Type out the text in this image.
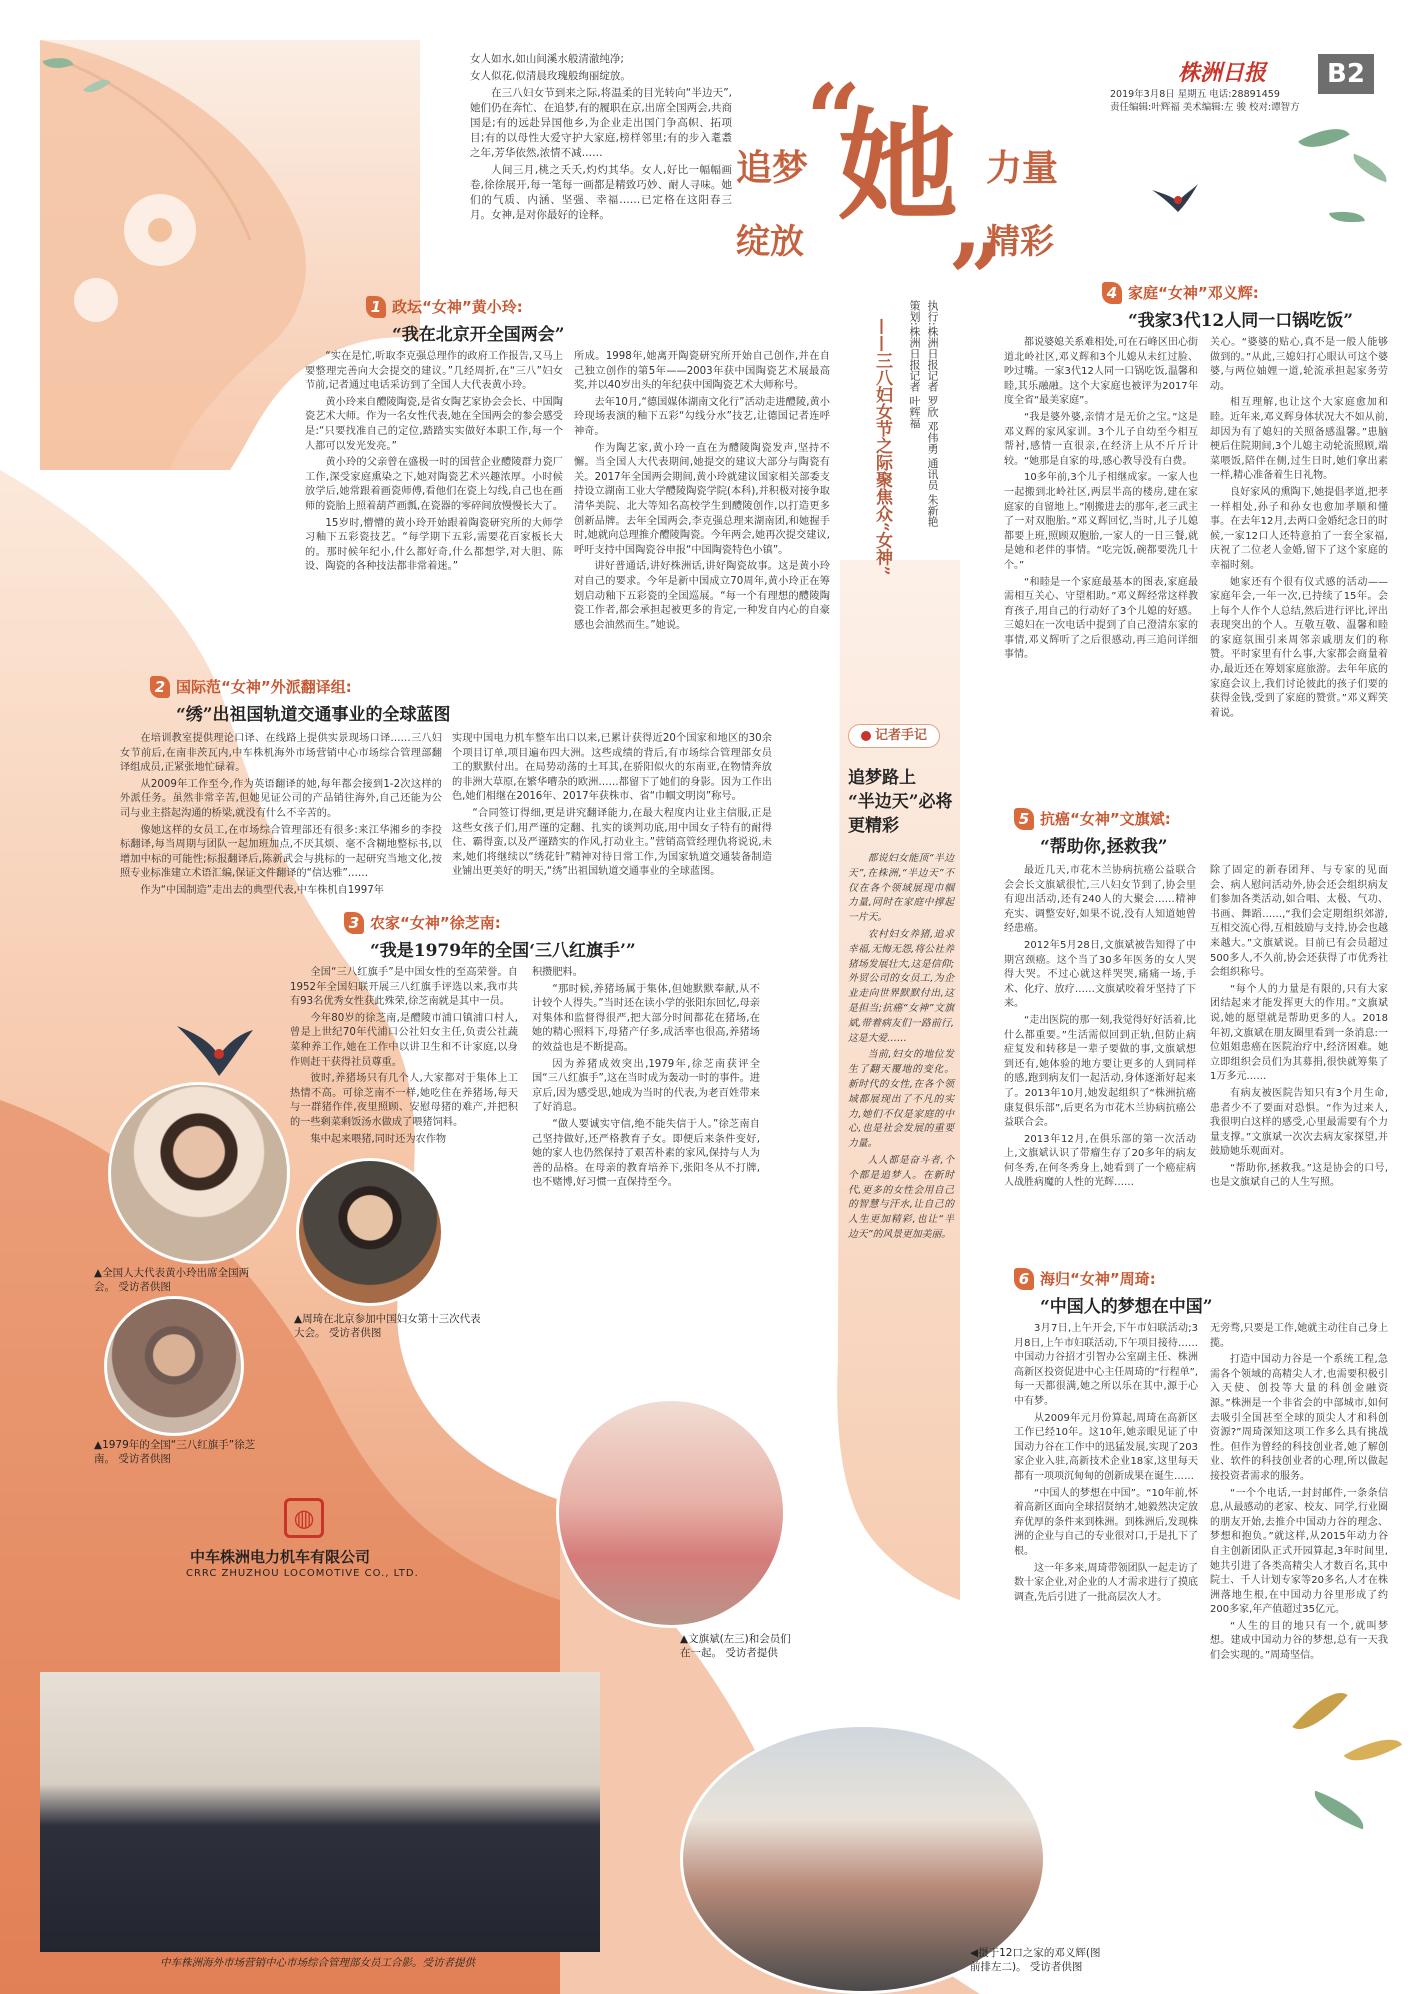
株洲日报	B2
2019年3月8日 星期五 电话:28891459
责任编辑:叶辉福 美术编辑:左 骏 校对:谭智方
追梦
“
她
”
力量
绽放	精彩
——三八妇女节之际聚焦众“女神”	执行:株洲日报记者 罗欣 邓伟勇 通讯员 朱新艳
策划:株洲日报记者 叶辉福

女人如水,如山间溪水般清澈纯净;

女人似花,似清晨玫瑰般绚丽绽放。

在三八妇女节到来之际,将温柔的目光转向“半边天”,她们仍在奔忙、在追梦,有的履职在京,出席全国两会,共商国是;有的远赴异国他乡,为企业走出国门争高帜、拓项目;有的以母性大爱守护大家庭,榜样邻里;有的步入耄耋之年,芳华依然,浓情不减……

人间三月,桃之夭夭,灼灼其华。女人,好比一幅幅画卷,徐徐展开,每一笔每一画都是精致巧妙、耐人寻味。她们的气质、内涵、坚强、幸福……已定格在这阳春三月。女神,是对你最好的诠释。

1 政坛“女神”黄小玲:
“我在北京开全国两会”

“实在是忙,听取李克强总理作的政府工作报告,又马上要整理完善向大会提交的建议。”几经周折,在“三八”妇女节前,记者通过电话采访到了全国人大代表黄小玲。

黄小玲来自醴陵陶瓷,是省女陶艺家协会会长、中国陶瓷艺术大师。作为一名女性代表,她在全国两会的参会感受是:“只要找准自己的定位,踏踏实实做好本职工作,每一个人都可以发光发亮。”

黄小玲的父亲曾在盛极一时的国营企业醴陵群力瓷厂工作,深受家庭熏染之下,她对陶瓷艺术兴趣浓厚。小时候放学后,她常跟着画瓷师傅,看他们在瓷上勾线,自己也在画师的瓷胎上照着葫芦画瓢,在瓷器的零碎间放慢慢长大了。

15岁时,懵懵的黄小玲开始跟着陶瓷研究所的大师学习釉下五彩瓷技艺。“每学期下五彩,需要花百家板长大的。那时候年纪小,什么都好奇,什么都想学,对大胆、陈设、陶瓷的各种技法都非常着迷。”

所成。1998年,她离开陶瓷研究所开始自己创作,并在自己独立创作的第5年——2003年获中国陶瓷艺术展最高奖,并以40岁出头的年纪获中国陶瓷艺术大师称号。

去年10月,“德国媒体湖南文化行”活动走进醴陵,黄小玲现场表演的釉下五彩“勾线分水”技艺,让德国记者连呼神奇。

作为陶艺家,黄小玲一直在为醴陵陶瓷发声,坚持不懈。当全国人大代表期间,她提交的建议大部分与陶瓷有关。2017年全国两会期间,黄小玲就建议国家相关部委支持设立湖南工业大学醴陵陶瓷学院(本科),并积极对接争取清华美院、北大等知名高校学生到醴陵创作,以打造更多创新品牌。去年全国两会,李克强总理来湖南团,和她握手时,她就向总理推介醴陵陶瓷。今年两会,她再次提交建议,呼吁支持中国陶瓷谷申报“中国陶瓷特色小镇”。

讲好普通话,讲好株洲话,讲好陶瓷故事。这是黄小玲对自己的要求。今年是新中国成立70周年,黄小玲正在筹划启动釉下五彩瓷的全国巡展。“每一个有理想的醴陵陶瓷工作者,都会承担起被更多的肯定,一种发自内心的自豪感也会油然而生。”她说。

2 国际范“女神”外派翻译组:
“绣”出祖国轨道交通事业的全球蓝图

在培训教室提供理论口译、在线路上提供实景现场口译……三八妇女节前后,在南非茨瓦内,中车株机海外市场营销中心市场综合管理部翻译组成员,正紧张地忙碌着。

从2009年工作至今,作为英语翻译的她,每年都会接到1-2次这样的外派任务。虽然非常辛苦,但她见证公司的产品销往海外,自己还能为公司与业主搭起沟通的桥梁,就没有什么不辛苦的。

像她这样的女员工,在市场综合管理部还有很多:来江华湘乡的李投标翻译,每当周期与团队一起加班加点,不厌其烦、毫不含糊地整标书,以增加中标的可能性;标报翻译后,陈新武会与挑标的一起研究当地文化,按照专业标准建立术语汇编,保证文件翻译的“信达雅”……

作为“中国制造”走出去的典型代表,中车株机自1997年

实现中国电力机车整车出口以来,已累计获得近20个国家和地区的30余个项目订单,项目遍布四大洲。这些成绩的背后,有市场综合管理部女员工的默默付出。在局势动荡的土耳其,在骄阳似火的东南亚,在物情奔放的非洲大草原,在繁华嘈杂的欧洲……都留下了她们的身影。因为工作出色,她们相继在2016年、2017年获株市、省“巾帼文明岗”称号。

“合同签订得细,更是讲究翻译能力,在最大程度内让业主信服,正是这些女孩子们,用严谨的定翻、扎实的谈判功底,用中国女子特有的耐得住、霸得蛮,以及严谨踏实的作风,打动业主。”营销高管经理仇将说说,未来,她们将继续以“绣花针”精神对待日常工作,为国家轨道交通装备制造业铺出更美好的明天,“绣”出祖国轨道交通事业的全球蓝图。

3 农家“女神”徐芝南:
“我是1979年的全国‘三八红旗手’”

全国“三八红旗手”是中国女性的至高荣誉。自1952年全国妇联开展三八红旗手评选以来,我市共有93名优秀女性获此殊荣,徐芝南就是其中一员。

今年80岁的徐芝南,是醴陵市浦口镇浦口村人,曾是上世纪70年代浦口公社妇女主任,负责公社蔬菜种养工作,她在工作中以讲卫生和不计家庭,以身作则赶干获得社员尊重。

彼时,养猪场只有几个人,大家都对于集体上工热情不高。可徐芝南不一样,她吃住在养猪场,每天与一群猪作伴,夜里照顾、安慰母猪的难产,并把积的一些剩菜剩饭汤水做成了喂猪饲料。

集中起来喂猪,同时还为农作物

积攒肥料。

“那时候,养猪场属于集体,但她默默奉献,从不计较个人得失。”当时还在读小学的张阳东回忆,母亲对集体和监督得很严,把大部分时间都花在猪场,在她的精心照料下,母猪产仔多,成活率也很高,养猪场的效益也是不断提高。

因为养猪成效突出,1979年,徐芝南获评全国“三八红旗手”,这在当时成为轰动一时的事件。进京后,因为感受思,她成为当时的代表,为老百姓带来了好消息。

“做人要诚实守信,绝不能失信于人。”徐芝南自己坚持做好,还严格教育子女。即便后来条件变好,她的家人也仍然保持了艰苦朴素的家风,保持与人为善的品格。在母亲的教育培养下,张阳冬从不打牌,也不赌博,好习惯一直保持至今。

记者手记
追梦路上
“半边天”必将
更精彩

都说妇女能顶“半边天”,在株洲,“半边天”不仅在各个领域展现巾帼力量,同时在家庭中撑起一片天。

农村妇女养猪,追求幸福,无悔无怨,将公社养猪场发展壮大,这是信仰;外贸公司的女员工,为企业走向世界默默付出,这是担当;抗癌“女神”文旗斌,带着病友们一路前行,这是大爱……

当前,妇女的地位发生了翻天覆地的变化。新时代的女性,在各个领域都展现出了不凡的实力,她们不仅是家庭的中心,也是社会发展的重要力量。

人人都是奋斗者,个个都是追梦人。在新时代,更多的女性会用自己的智慧与汗水,让自己的人生更加精彩,也让“半边天”的风景更加美丽。

4 家庭“女神”邓义辉:
“我家3代12人同一口锅吃饭”

都说婆媳关系难相处,可在石峰区田心街道北岭社区,邓义辉和3个儿媳从未红过脸、吵过嘴。一家3代12人同一口锅吃饭,温馨和睦,其乐融融。这个大家庭也被评为2017年度全省“最美家庭”。

“我是婆外婆,亲情才是无价之宝。”这是邓义辉的家风家训。3个儿子自幼至今相互帮衬,感情一直很亲,在经济上从不斤斤计较。“她那是自家的母,感心教导没有白费。

10多年前,3个儿子相继成家。一家人也一起搬到北岭社区,两层半高的楼房,建在家庭家的自留地上。”刚搬进去的那年,老三武主了一对双胞胎。”邓义辉回忆,当时,儿子儿媳都要上班,照顾双胞胎,一家人的一日三餐,就是她和老伴的事情。“吃完饭,碗都要洗几十个。”

“和睦是一个家庭最基本的图表,家庭最需相互关心、守望相助。”邓义辉经常这样教育孩子,用自己的行动好了3个儿媳的好感。三媳妇在一次电话中提到了自己澄清东家的事情,邓义辉听了之后很感动,再三追问详细事情。

关心。“婆婆的贴心,真不是一般人能够做到的。”从此,三媳妇打心眼认可这个婆婆,与两位妯娌一道,轮流承担起家务劳动。

相互理解,也让这个大家庭愈加和睦。近年来,邓义辉身体状况大不如从前,却因为有了媳妇的关照备感温馨。”患脑梗后住院期间,3个儿媳主动轮流照顾,端菜喂饭,陪伴在侧,过生日时,她们拿出素一样,精心准备着生日礼物。

良好家风的熏陶下,她提倡孝道,把孝一样相处,孙子和孙女也愈加孝顺和懂事。在去年12月,去两口金婚纪念日的时候,一家12口人还特意拍了一套全家福,庆祝了二位老人金婚,留下了这个家庭的幸福时刻。

她家还有个很有仪式感的活动——家庭年会,一年一次,已持续了15年。会上每个人作个人总结,然后进行评比,评出表现突出的个人。互敬互敬、温馨和睦的家庭氛围引来周邻亲戚朋友们的称赞。平时家里有什么事,大家都会商量着办,最近还在筹划家庭旅游。去年年底的家庭会议上,我们讨论彼此的孩子们要的获得金钱,受到了家庭的赞赏。”邓义辉笑着说。

5 抗癌“女神”文旗斌:
“帮助你,拯救我”

最近几天,市花木兰协病抗癌公益联合会会长文旗斌很忙,三八妇女节到了,协会里有迎出活动,还有240人的大聚会……精神充实、调整安好,如果不说,没有人知道她曾经患癌。

2012年5月28日,文旗斌被告知得了中期宫颈癌。这个当了30多年医务的女人哭得大哭。不过心就这样哭哭,痛痛一场,手术、化疗、放疗……文旗斌咬着牙坚持了下来。

“走出医院的那一刻,我觉得好好活着,比什么都重要。”生活需似回到正轨,但防止病症复发和转移是一辈子要做的事,文旗斌想到还有,她体验的地方要让更多的人到同样的感,跑到病友们一起活动,身体逐渐好起来了。2013年10月,她发起组织了“株洲抗癌康复俱乐部”,后更名为市花木兰协病抗癌公益联合会。

2013年12月,在俱乐部的第一次活动上,文旗斌认识了带瘤生存了20多年的病友何冬秀,在何冬秀身上,她看到了一个癌症病人战胜病魔的人性的光辉……

除了固定的新春团拜、与专家的见面会、病人慰问活动外,协会还会组织病友们参加各类活动,如合唱、太极、气功、书画、舞蹈……,“我们会定期组织郊游,互相交流心得,互相鼓励与支持,协会也越来越大。”文旗斌说。目前已有会员超过500多人,不久前,协会还获得了市优秀社会组织称号。

“每个人的力量是有限的,只有大家团结起来才能发挥更大的作用。”文旗斌说,她的愿望就是帮助更多的人。2018年初,文旗斌在朋友圈里看到一条消息:一位姐姐患癌在医院治疗中,经济困难。她立即组织会员们为其募捐,很快就筹集了1万多元……

有病友被医院告知只有3个月生命,患者少不了要面对恐惧。“作为过来人,我很明白这样的感受,心里最需要有个力量支撑。”文旗斌一次次去病友家探望,并鼓励她乐观面对。

“帮助你,拯救我。”这是协会的口号,也是文旗斌自己的人生写照。

6 海归“女神”周琦:
“中国人的梦想在中国”

3月7日,上午开会,下午市妇联活动;3月8日,上午市妇联活动,下午项目接待……中国动力谷招才引智办公室副主任、株洲高新区投资促进中心主任周琦的“行程单”,每一天都很满,她之所以乐在其中,源于心中有梦。

从2009年元月份算起,周琦在高新区工作已经10年。这10年,她亲眼见证了中国动力谷在工作中的迅猛发展,实现了203家企业入驻,高新技术企业18家,这里每天都有一项项沉甸甸的创新成果在诞生……

“中国人的梦想在中国”。“10年前,怀着高新区面向全球招贤纳才,她毅然决定放弃优厚的条件来到株洲。到株洲后,发现株洲的企业与自己的专业很对口,于是扎下了根。

这一年多来,周琦带领团队一起走访了数十家企业,对企业的人才需求进行了摸底调查,先后引进了一批高层次人才。

无旁骛,只要是工作,她就主动往自己身上揽。

打造中国动力谷是一个系统工程,急需各个领域的高精尖人才,也需要积极引入天使、创投等大量的科创金融资源。”株洲是一个非省会的中部城市,如何去吸引全国甚至全球的顶尖人才和科创资源?”周琦深知这项工作多么具有挑战性。但作为曾经的科技创业者,她了解创业、软件的科技创业者的心理,所以做起接投资者需求的服务。

“一个个电话,一封封邮件,一条条信息,从最感动的老家、校友、同学,行业圈的朋友开始,去推介中国动力谷的理念、梦想和抱负。”就这样,从2015年动力谷自主创新团队正式开园算起,3年时间里,她共引进了各类高精尖人才数百名,其中院士、千人计划专家等20多名,人才在株洲落地生根,在中国动力谷里形成了约200多家,年产值超过35亿元。

“人生的目的地只有一个,就叫梦想。建成中国动力谷的梦想,总有一天我们会实现的。”周琦坚信。

▲全国人大代表黄小玲出席全国两会。 受访者供图
▲周琦在北京参加中国妇女第十三次代表大会。 受访者供图
▲1979年的全国“三八红旗手”徐芝南。 受访者供图
▲文旗斌(左三)和会员们在一起。 受访者提供
◀摄于12口之家的邓义辉(图前排左二)。 受访者供图
中车株洲海外市场营销中心市场综合管理部女员工合影。受访者提供
◍
中车株洲电力机车有限公司
CRRC ZHUZHOU LOCOMOTIVE CO., LTD.
